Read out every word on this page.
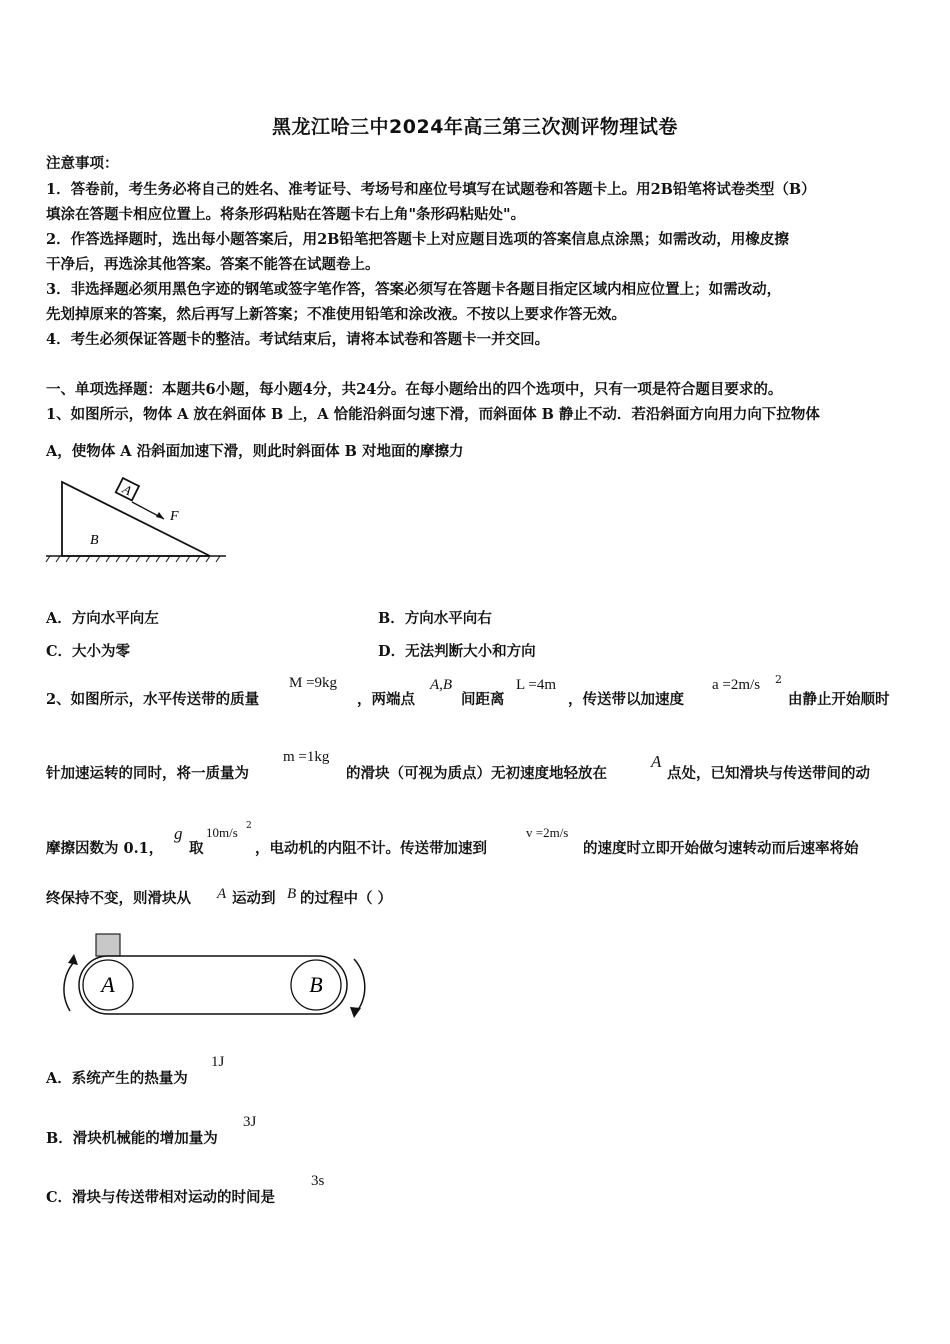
黑龙江哈三中2024年高三第三次测评物理试卷
注意事项：
1．答卷前，考生务必将自己的姓名、准考证号、考场号和座位号填写在试题卷和答题卡上。用2B铅笔将试卷类型（B）
填涂在答题卡相应位置上。将条形码粘贴在答题卡右上角"条形码粘贴处"。
2．作答选择题时，选出每小题答案后，用2B铅笔把答题卡上对应题目选项的答案信息点涂黑；如需改动，用橡皮擦
干净后，再选涂其他答案。答案不能答在试题卷上。
3．非选择题必须用黑色字迹的钢笔或签字笔作答，答案必须写在答题卡各题目指定区域内相应位置上；如需改动，
先划掉原来的答案，然后再写上新答案；不准使用铅笔和涂改液。不按以上要求作答无效。
4．考生必须保证答题卡的整洁。考试结束后，请将本试卷和答题卡一并交回。
一、单项选择题：本题共6小题，每小题4分，共24分。在每小题给出的四个选项中，只有一项是符合题目要求的。
1、如图所示，物体 A 放在斜面体 B 上，A 恰能沿斜面匀速下滑，而斜面体 B 静止不动．若沿斜面方向用力向下拉物体
A，使物体 A 沿斜面加速下滑，则此时斜面体 B 对地面的摩擦力
A
F
B
A．方向水平向左	B．方向水平向右
C．大小为零	D．无法判断大小和方向
2、如图所示，水平传送带的质量
M =9kg
，两端点
A,B
间距离
L =4m
，传送带以加速度
a =2m/s 2
由静止开始顺时
针加速运转的同时，将一质量为
m =1kg
的滑块（可视为质点）无初速度地轻放在
A
点处，已知滑块与传送带间的动
摩擦因数为 0.1，
g
取
10m/s 2
，电动机的内阻不计。传送带加速到
v =2m/s
的速度时立即开始做匀速转动而后速率将始
终保持不变，则滑块从 A 运动到 B 的过程中（ ）
A	B
A．系统产生的热量为
1J
B．滑块机械能的增加量为
3J
C．滑块与传送带相对运动的时间是
3s
